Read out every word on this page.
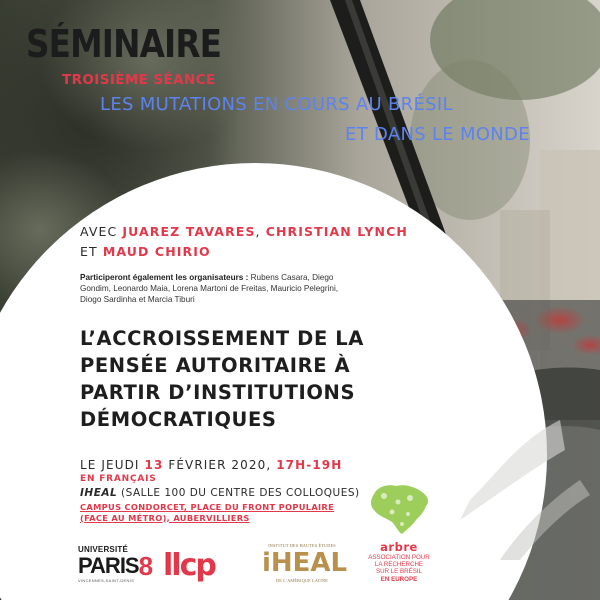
SÉMINAIRE
TROISIÈME SÉANCE
LES MUTATIONS EN COURS AU BRÉSIL
ET DANS LE MONDE
AVEC JUAREZ TAVARES, CHRISTIAN LYNCH
ET MAUD CHIRIO
Participeront également les organisateurs : Rubens Casara, Diego Gondim, Leonardo Maia, Lorena Martoni de Freitas, Mauricio Pelegrini, Diogo Sardinha et Marcia Tiburi
L’ACCROISSEMENT DE LA
PENSÉE AUTORITAIRE À
PARTIR D’INSTITUTIONS
DÉMOCRATIQUES
LE JEUDI 13 FÉVRIER 2020, 17H-19H
EN FRANÇAIS
IHEAL (SALLE 100 DU CENTRE DES COLLOQUES)
CAMPUS CONDORCET, PLACE DU FRONT POPULAIRE (FACE AU MÉTRO), AUBERVILLIERS
UNIVERSITÉ
PARIS 8
VINCENNES-SAINT-DENIS llcp
INSTITUT DES HAUTES ÉTUDES
iHEAL
DE L’AMÉRIQUE LATINE
arbre
ASSOCIATION POUR
LA RECHERCHE
SUR LE BRÉSIL
EN EUROPE
